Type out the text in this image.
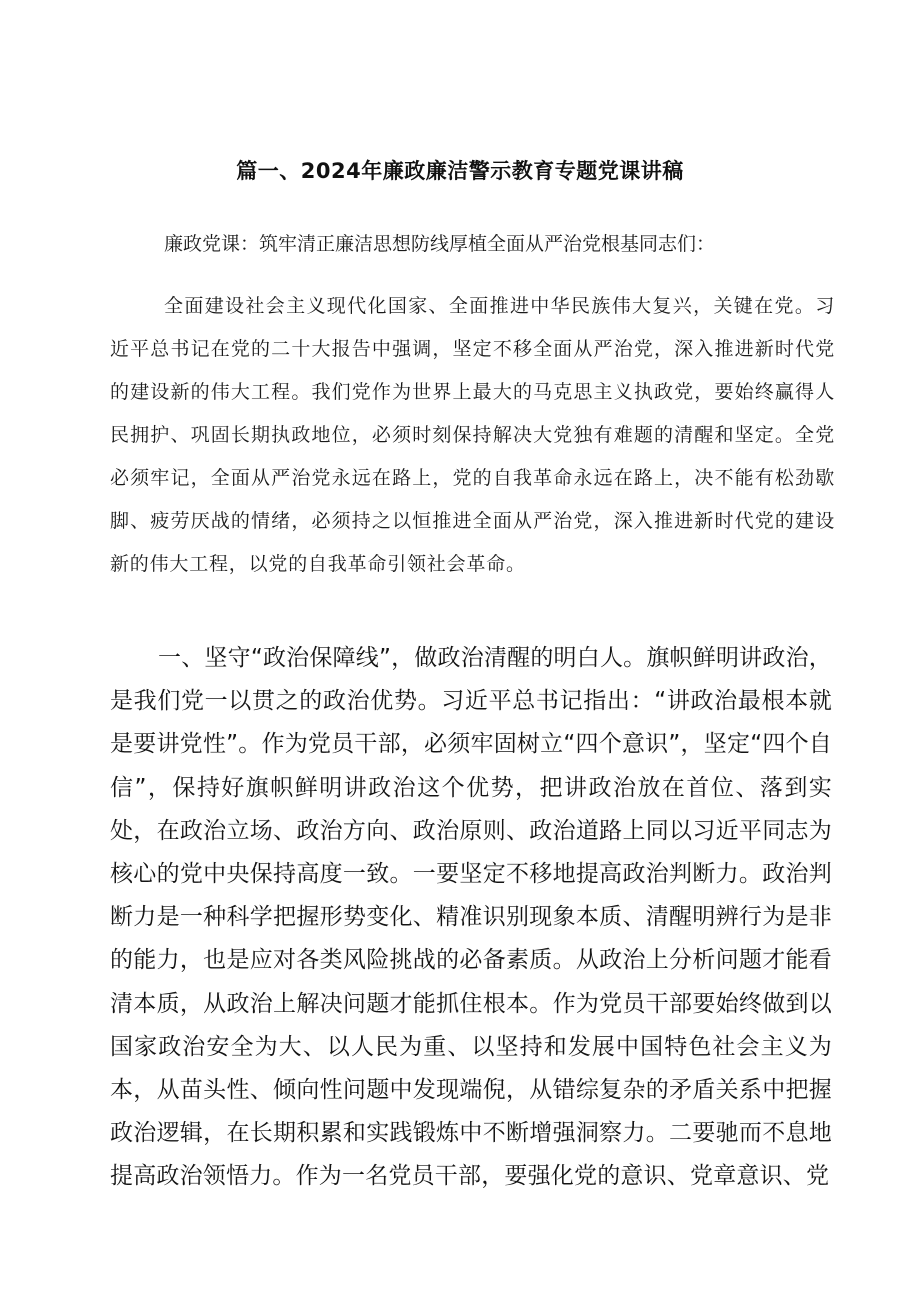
篇一、2024年廉政廉洁警示教育专题党课讲稿
廉政党课：筑牢清正廉洁思想防线厚植全面从严治党根基同志们：
全面建设社会主义现代化国家、全面推进中华民族伟大复兴，关键在党。习近平总书记在党的二十大报告中强调，坚定不移全面从严治党，深入推进新时代党的建设新的伟大工程。我们党作为世界上最大的马克思主义执政党，要始终赢得人民拥护、巩固长期执政地位，必须时刻保持解决大党独有难题的清醒和坚定。全党必须牢记，全面从严治党永远在路上，党的自我革命永远在路上，决不能有松劲歇脚、疲劳厌战的情绪，必须持之以恒推进全面从严治党，深入推进新时代党的建设新的伟大工程，以党的自我革命引领社会革命。
一、坚守“政治保障线”，做政治清醒的明白人。旗帜鲜明讲政治，是我们党一以贯之的政治优势。习近平总书记指出：“讲政治最根本就是要讲党性”。作为党员干部，必须牢固树立“四个意识”，坚定“四个自信”，保持好旗帜鲜明讲政治这个优势，把讲政治放在首位、落到实处，在政治立场、政治方向、政治原则、政治道路上同以习近平同志为核心的党中央保持高度一致。一要坚定不移地提高政治判断力。政治判断力是一种科学把握形势变化、精准识别现象本质、清醒明辨行为是非的能力，也是应对各类风险挑战的必备素质。从政治上分析问题才能看清本质，从政治上解决问题才能抓住根本。作为党员干部要始终做到以国家政治安全为大、以人民为重、以坚持和发展中国特色社会主义为本，从苗头性、倾向性问题中发现端倪，从错综复杂的矛盾关系中把握政治逻辑，在长期积累和实践锻炼中不断增强洞察力。二要驰而不息地提高政治领悟力。作为一名党员干部，要强化党的意识、党章意识、党
